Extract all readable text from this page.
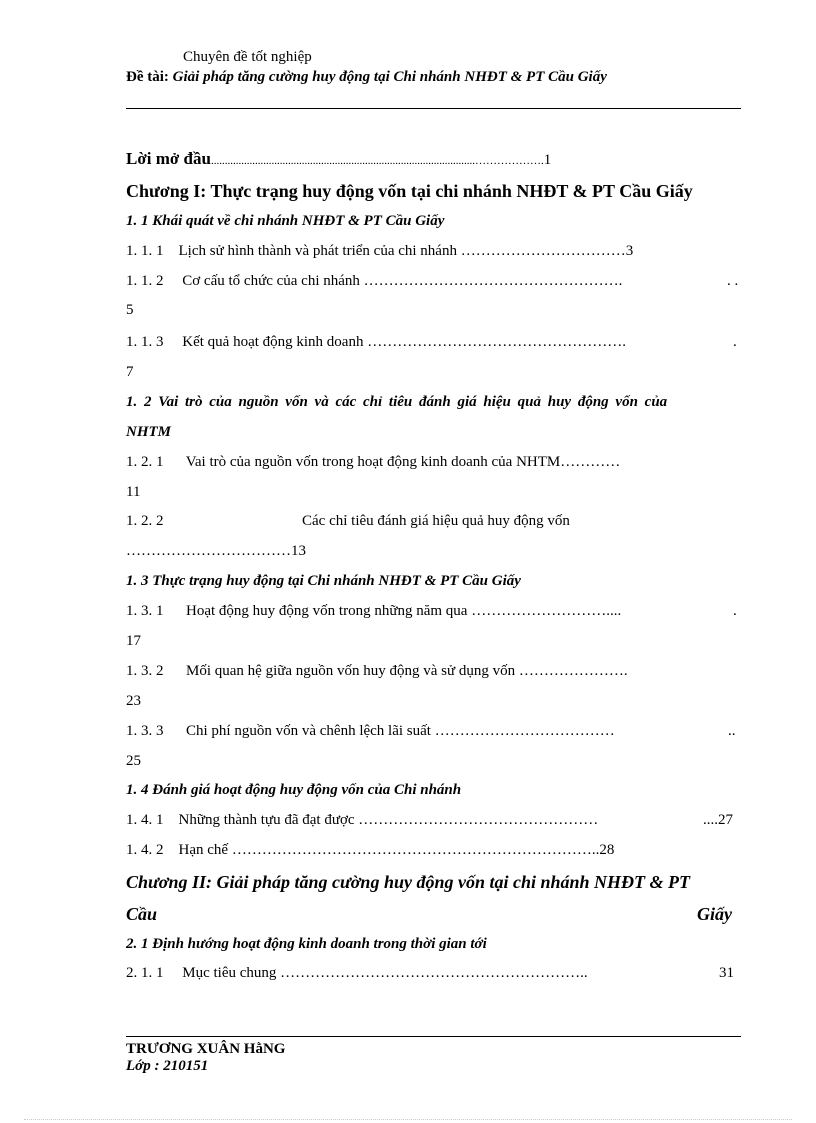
Chuyên đề tốt nghiệp
Đề tài: Giải pháp tăng cường huy động tại Chi nhánh NHĐT & PT Cầu Giấy
Lời mở đầu................................................................................................……………….1
Chương I: Thực trạng huy động vốn tại chi nhánh NHĐT & PT Cầu Giấy
1. 1 Khái quát về chi nhánh NHĐT & PT Cầu Giấy
1. 1. 1 Lịch sử hình thành và phát triển của chi nhánh ……………………………3
1. 1. 2 Cơ cấu tổ chức của chi nhánh …………………………………………….	. .
5
1. 1. 3 Kết quả hoạt động kinh doanh …………………………………………….	.
7
1. 2 Vai trò của nguồn vốn và các chỉ tiêu đánh giá hiệu quả huy động vốn của
NHTM
1. 2. 1 Vai trò của nguồn vốn trong hoạt động kinh doanh của NHTM…………
11
1. 2. 2	Các chỉ tiêu đánh giá hiệu quả huy động vốn
……………………………13
1. 3 Thực trạng huy động tại Chi nhánh NHĐT & PT Cầu Giấy
1. 3. 1 Hoạt động huy động vốn trong những năm qua ………………………....	.
17
1. 3. 2 Mối quan hệ giữa nguồn vốn huy động và sử dụng vốn ………………….
23
1. 3. 3 Chi phí nguồn vốn và chênh lệch lãi suất ………………………………	..
25
1. 4 Đánh giá hoạt động huy động vốn của Chi nhánh
1. 4. 1 Những thành tựu đã đạt được …………………………………………	....27
1. 4. 2 Hạn chế ………………………………………………………………..28
Chương II: Giải pháp tăng cường huy động vốn tại chi nhánh NHĐT & PT
Cầu	Giấy
2. 1 Định hướng hoạt động kinh doanh trong thời gian tới
2. 1. 1 Mục tiêu chung ……………………………………………………..	31
TRƯƠNG XUÂN HằNG
Lớp : 210151
